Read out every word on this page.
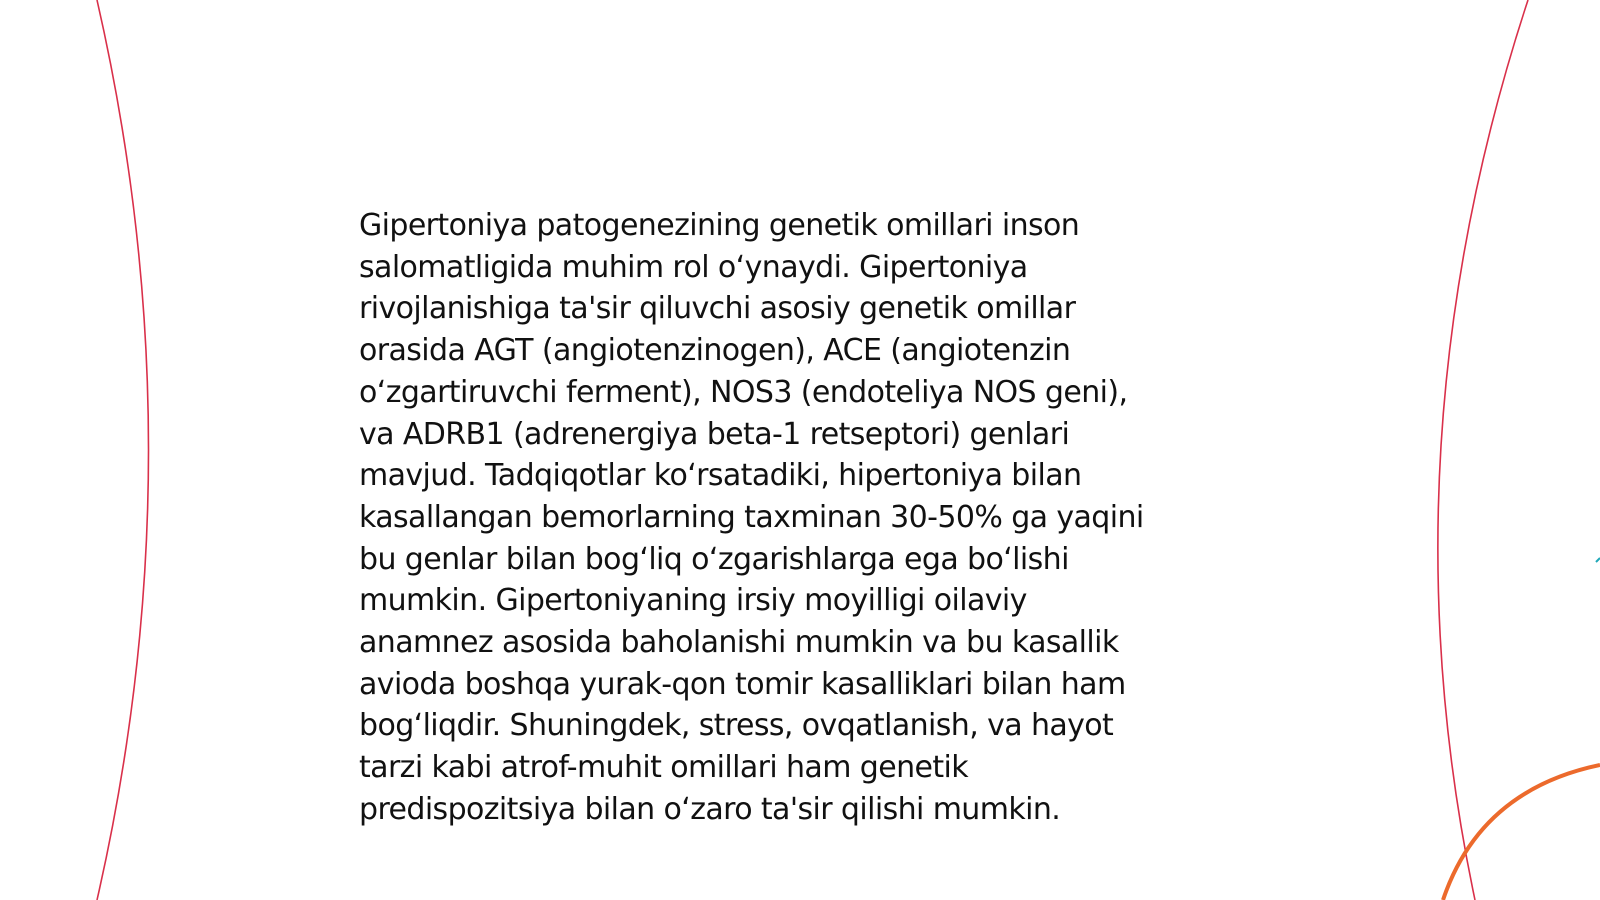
Gipertoniya patogenezining genetik omillari inson
salomatligida muhim rol oʻynaydi. Gipertoniya
rivojlanishiga ta'sir qiluvchi asosiy genetik omillar
orasida AGT (angiotenzinogen), ACE (angiotenzin
oʻzgartiruvchi ferment), NOS3 (endoteliya NOS geni),
va ADRB1 (adrenergiya beta-1 retseptori) genlari
mavjud. Tadqiqotlar koʻrsatadiki, hipertoniya bilan
kasallangan bemorlarning taxminan 30-50% ga yaqini
bu genlar bilan bogʻliq oʻzgarishlarga ega boʻlishi
mumkin. Gipertoniyaning irsiy moyilligi oilaviy
anamnez asosida baholanishi mumkin va bu kasallik
avioda boshqa yurak-qon tomir kasalliklari bilan ham
bogʻliqdir. Shuningdek, stress, ovqatlanish, va hayot
tarzi kabi atrof-muhit omillari ham genetik
predispozitsiya bilan oʻzaro ta'sir qilishi mumkin.
